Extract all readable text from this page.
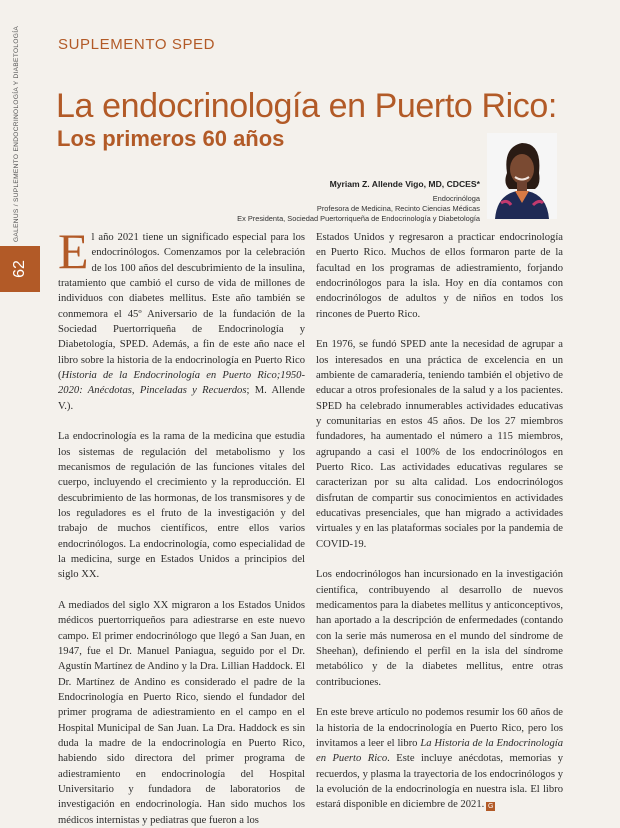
GALENUS / SUPLEMENTO ENDOCRINOLOGÍA Y DIABETOLOGÍA
62
SUPLEMENTO SPED
La endocrinología en Puerto Rico:
Los primeros 60 años
Myriam Z. Allende Vigo, MD, CDCES*
Endocrinóloga
Profesora de Medicina, Recinto Ciencias Médicas
Ex Presidenta, Sociedad Puertorriqueña de Endocrinología y Diabetología

El año 2021 tiene un significado especial para los endocrinólogos. Comenzamos por la celebración de los 100 años del descubrimiento de la insulina, tratamiento que cambió el curso de vida de millones de individuos con diabetes mellitus. Este año también se conmemora el 45º Aniversario de la fundación de la Sociedad Puertorriqueña de Endocrinología y Diabetología, SPED. Además, a fin de este año nace el libro sobre la historia de la endocrinología en Puerto Rico (Historia de la Endocrinología en Puerto Rico;1950-2020: Anécdotas, Pinceladas y Recuerdos; M. Allende V.).

La endocrinología es la rama de la medicina que estudia los sistemas de regulación del metabolismo y los mecanismos de regulación de las funciones vitales del cuerpo, incluyendo el crecimiento y la reproducción. El descubrimiento de las hormonas, de los transmisores y de los reguladores es el fruto de la investigación y del trabajo de muchos científicos, entre ellos varios endocrinólogos. La endocrinología, como especialidad de la medicina, surge en Estados Unidos a principios del siglo XX.

A mediados del siglo XX migraron a los Estados Unidos médicos puertorriqueños para adiestrarse en este nuevo campo. El primer endocrinólogo que llegó a San Juan, en 1947, fue el Dr. Manuel Paniagua, seguido por el Dr. Agustín Martínez de Andino y la Dra. Lillian Haddock. El Dr. Martínez de Andino es considerado el padre de la Endocrinología en Puerto Rico, siendo el fundador del primer programa de adiestramiento en el campo en el Hospital Municipal de San Juan. La Dra. Haddock es sin duda la madre de la endocrinología en Puerto Rico, habiendo sido directora del primer programa de adiestramiento en endocrinología del Hospital Universitario y fundadora de laboratorios de investigación en endocrinología. Han sido muchos los médicos internistas y pediatras que fueron a los

Estados Unidos y regresaron a practicar endocrinología en Puerto Rico. Muchos de ellos formaron parte de la facultad en los programas de adiestramiento, forjando endocrinólogos para la isla. Hoy en día contamos con endocrinólogos de adultos y de niños en todos los rincones de Puerto Rico.

En 1976, se fundó SPED ante la necesidad de agrupar a los interesados en una práctica de excelencia en un ambiente de camaradería, teniendo también el objetivo de educar a otros profesionales de la salud y a los pacientes. SPED ha celebrado innumerables actividades educativas y comunitarias en estos 45 años. De los 27 miembros fundadores, ha aumentado el número a 115 miembros, agrupando a casi el 100% de los endocrinólogos en Puerto Rico. Las actividades educativas regulares se caracterizan por su alta calidad. Los endocrinólogos disfrutan de compartir sus conocimientos en actividades educativas presenciales, que han migrado a actividades virtuales y en las plataformas sociales por la pandemia de COVID-19.

Los endocrinólogos han incursionado en la investigación científica, contribuyendo al desarrollo de nuevos medicamentos para la diabetes mellitus y anticonceptivos, han aportado a la descripción de enfermedades (contando con la serie más numerosa en el mundo del síndrome de Sheehan), definiendo el perfil en la isla del síndrome metabólico y de la diabetes mellitus, entre otras contribuciones.

En este breve artículo no podemos resumir los 60 años de la historia de la endocrinología en Puerto Rico, pero los invitamos a leer el libro La Historia de la Endocrinología en Puerto Rico. Este incluye anécdotas, memorias y recuerdos, y plasma la trayectoria de los endocrinólogos y la evolución de la endocrinología en nuestra isla. El libro estará disponible en diciembre de 2021. G
